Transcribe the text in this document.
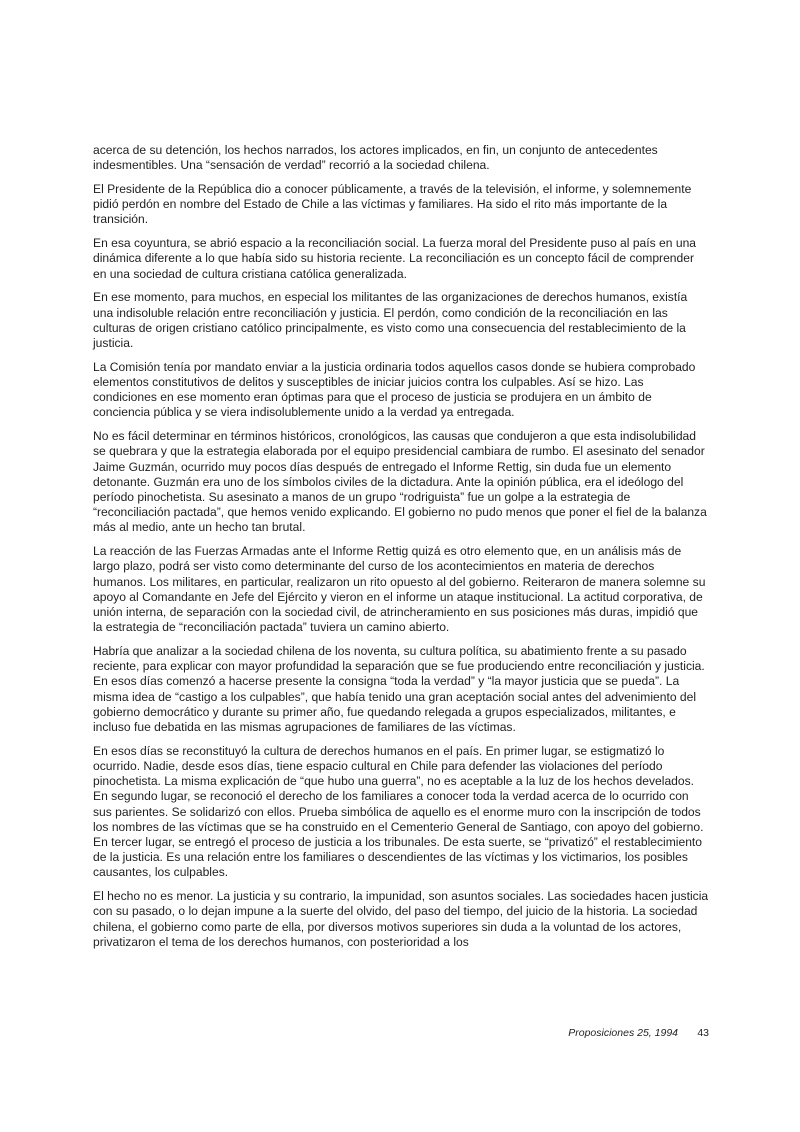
acerca de su detención, los hechos narrados, los actores implicados, en fin, un conjunto de antecedentes indesmentibles. Una “sensación de verdad” recorrió a la sociedad chilena.

El Presidente de la República dio a conocer públicamente, a través de la televisión, el informe, y solemnemente pidió perdón en nombre del Estado de Chile a las víctimas y familiares. Ha sido el rito más importante de la transición.

En esa coyuntura, se abrió espacio a la reconciliación social. La fuerza moral del Presidente puso al país en una dinámica diferente a lo que había sido su historia reciente. La reconciliación es un concepto fácil de comprender en una sociedad de cultura cristiana católica generalizada.

En ese momento, para muchos, en especial los militantes de las organizaciones de derechos humanos, existía una indisoluble relación entre reconciliación y justicia. El perdón, como condición de la reconciliación en las culturas de origen cristiano católico principalmente, es visto como una consecuencia del restablecimiento de la justicia.

La Comisión tenía por mandato enviar a la justicia ordinaria todos aquellos casos donde se hubiera comprobado elementos constitutivos de delitos y susceptibles de iniciar juicios contra los culpables. Así se hizo. Las condiciones en ese momento eran óptimas para que el proceso de justicia se produjera en un ámbito de conciencia pública y se viera indisolublemente unido a la verdad ya entregada.

No es fácil determinar en términos históricos, cronológicos, las causas que condujeron a que esta indisolubilidad se quebrara y que la estrategia elaborada por el equipo presidencial cambiara de rumbo. El asesinato del senador Jaime Guzmán, ocurrido muy pocos días después de entregado el Informe Rettig, sin duda fue un elemento detonante. Guzmán era uno de los símbolos civiles de la dictadura. Ante la opinión pública, era el ideólogo del período pinochetista. Su asesinato a manos de un grupo “rodriguista” fue un golpe a la estrategia de “reconciliación pactada”, que hemos venido explicando. El gobierno no pudo menos que poner el fiel de la balanza más al medio, ante un hecho tan brutal.

La reacción de las Fuerzas Armadas ante el Informe Rettig quizá es otro elemento que, en un análisis más de largo plazo, podrá ser visto como determinante del curso de los acontecimientos en materia de derechos humanos. Los militares, en particular, realizaron un rito opuesto al del gobierno. Reiteraron de manera solemne su apoyo al Comandante en Jefe del Ejército y vieron en el informe un ataque institucional. La actitud corporativa, de unión interna, de separación con la sociedad civil, de atrincheramiento en sus posiciones más duras, impidió que la estrategia de “reconciliación pactada” tuviera un camino abierto.

Habría que analizar a la sociedad chilena de los noventa, su cultura política, su abatimiento frente a su pasado reciente, para explicar con mayor profundidad la separación que se fue produciendo entre reconciliación y justicia. En esos días comenzó a hacerse presente la consigna “toda la verdad” y “la mayor justicia que se pueda”. La misma idea de “castigo a los culpables”, que había tenido una gran aceptación social antes del advenimiento del gobierno democrático y durante su primer año, fue quedando relegada a grupos especializados, militantes, e incluso fue debatida en las mismas agrupaciones de familiares de las víctimas.

En esos días se reconstituyó la cultura de derechos humanos en el país. En primer lugar, se estigmatizó lo ocurrido. Nadie, desde esos días, tiene espacio cultural en Chile para defender las violaciones del período pinochetista. La misma explicación de “que hubo una guerra”, no es aceptable a la luz de los hechos develados. En segundo lugar, se reconoció el derecho de los familiares a conocer toda la verdad acerca de lo ocurrido con sus parientes. Se solidarizó con ellos. Prueba simbólica de aquello es el enorme muro con la inscripción de todos los nombres de las víctimas que se ha construido en el Cementerio General de Santiago, con apoyo del gobierno. En tercer lugar, se entregó el proceso de justicia a los tribunales. De esta suerte, se “privatizó” el restablecimiento de la justicia. Es una relación entre los familiares o descendientes de las víctimas y los victimarios, los posibles causantes, los culpables.

El hecho no es menor. La justicia y su contrario, la impunidad, son asuntos sociales. Las sociedades hacen justicia con su pasado, o lo dejan impune a la suerte del olvido, del paso del tiempo, del juicio de la historia. La sociedad chilena, el gobierno como parte de ella, por diversos motivos superiores sin duda a la voluntad de los actores, privatizaron el tema de los derechos humanos, con posterioridad a los

Proposiciones 25, 1994 43
